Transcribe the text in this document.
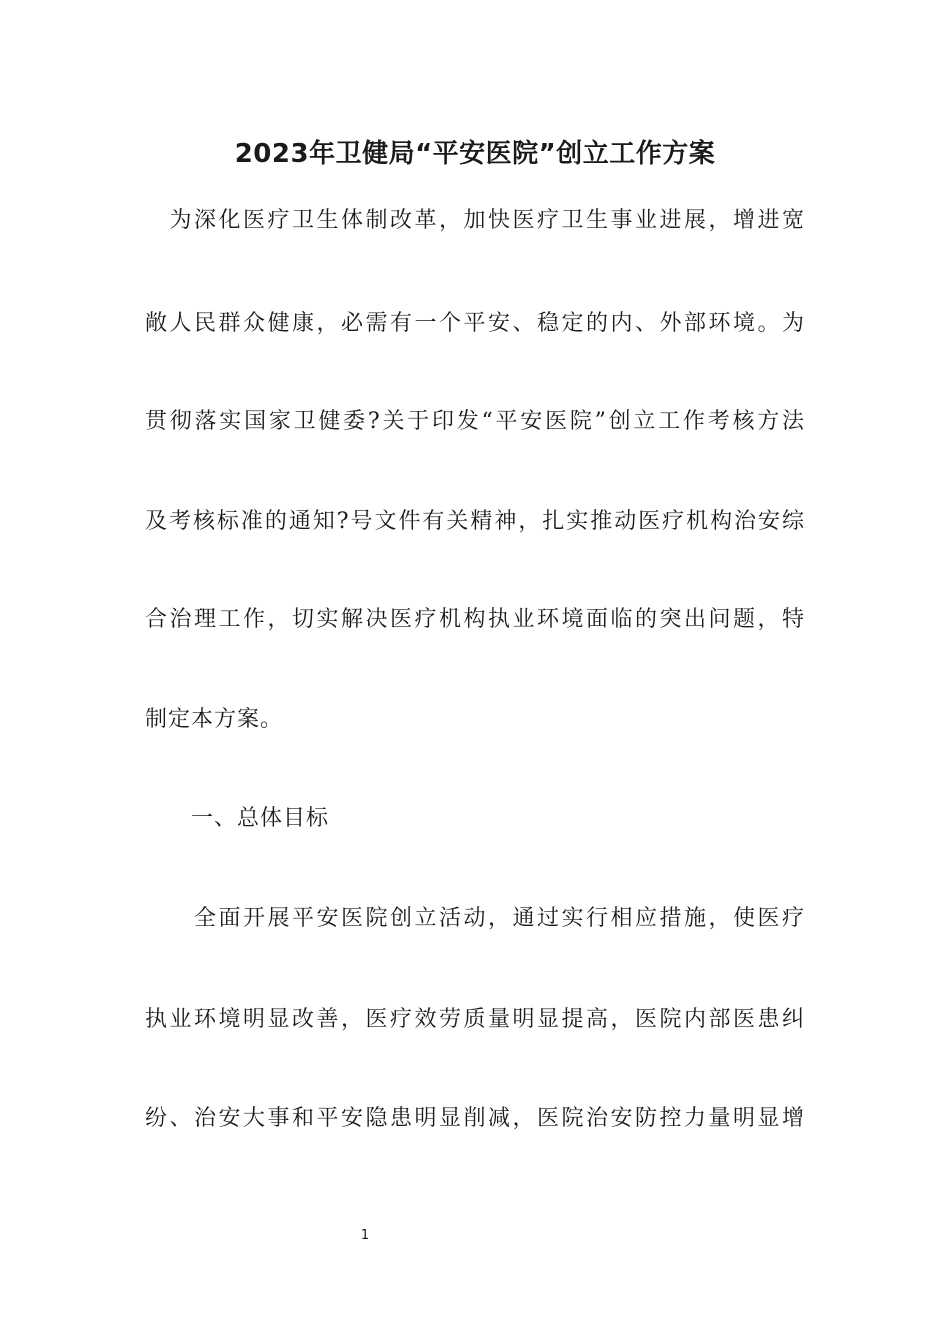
2023年卫健局“平安医院”创立工作方案
　为深化医疗卫生体制改革，加快医疗卫生事业进展，增进宽
敞人民群众健康，必需有一个平安、稳定的内、外部环境。为
贯彻落实国家卫健委?关于印发“平安医院”创立工作考核方法
及考核标准的通知?号文件有关精神，扎实推动医疗机构治安综
合治理工作，切实解决医疗机构执业环境面临的突出问题，特
制定本方案。
　　一、总体目标
　　全面开展平安医院创立活动，通过实行相应措施，使医疗
执业环境明显改善，医疗效劳质量明显提高，医院内部医患纠
纷、治安大事和平安隐患明显削减，医院治安防控力量明显增
1
